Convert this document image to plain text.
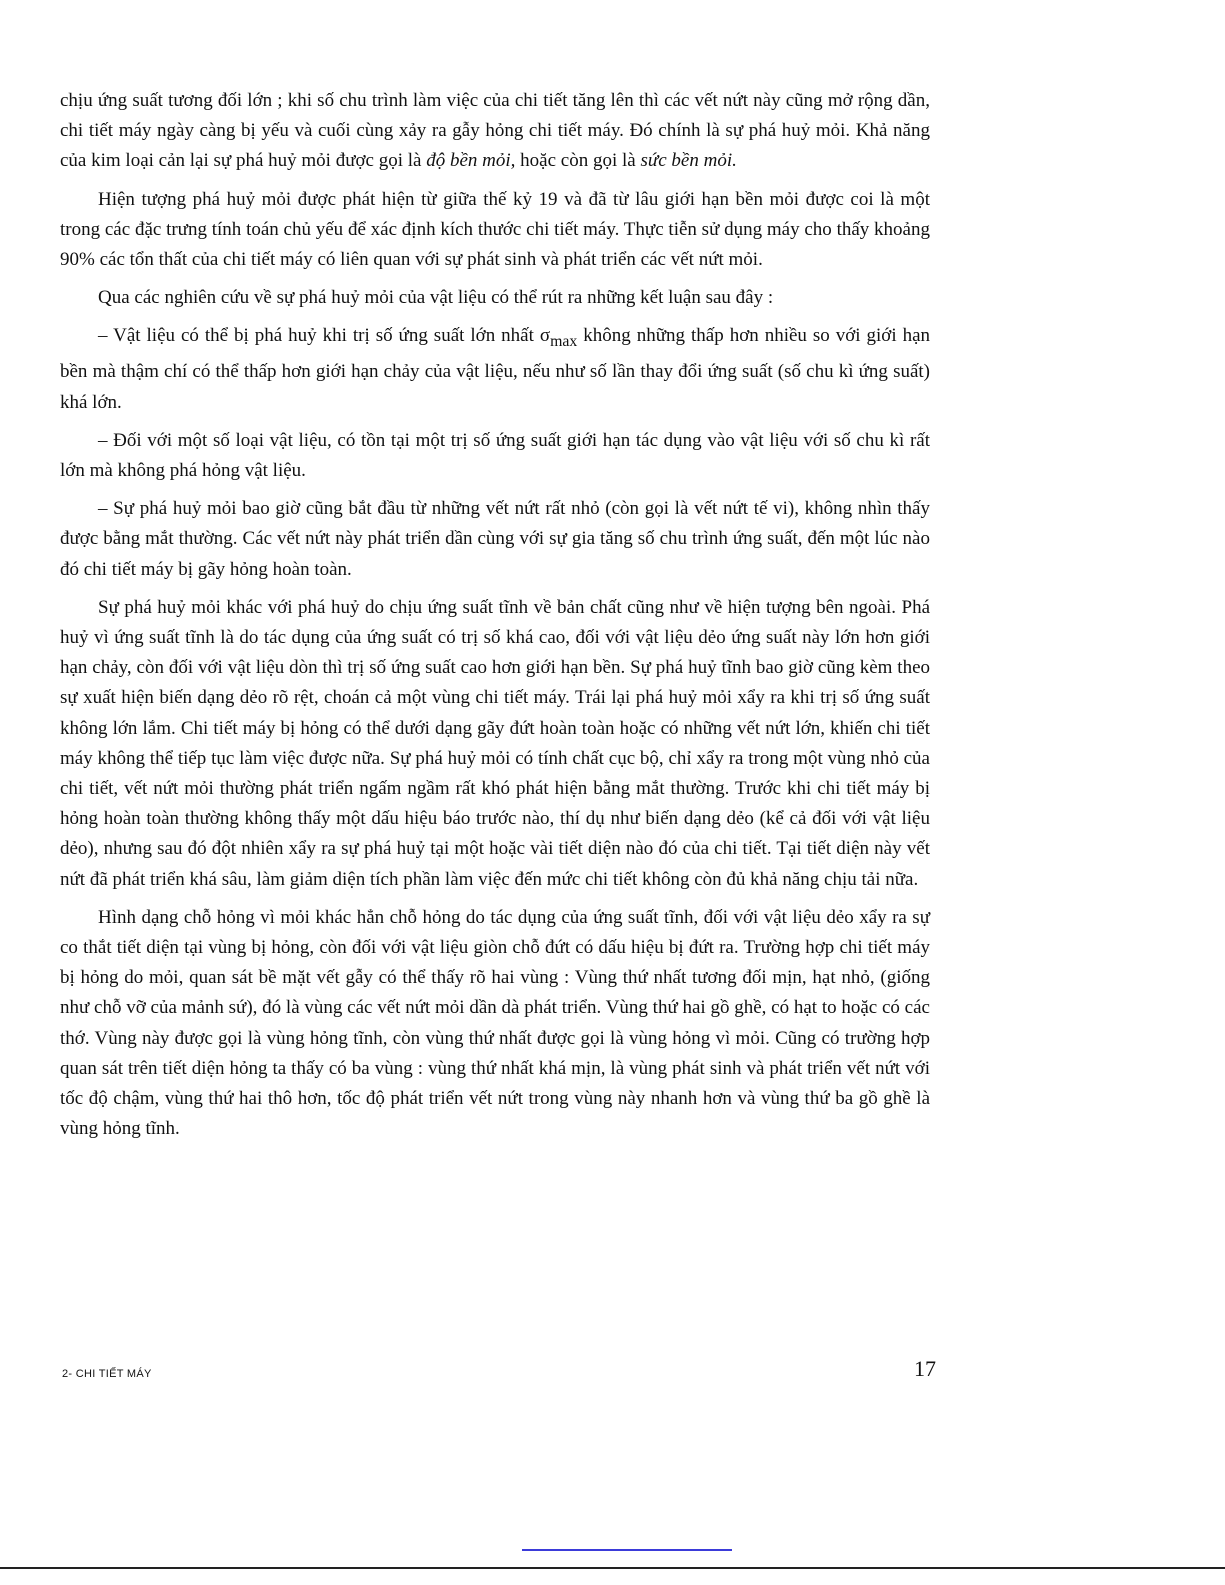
chịu ứng suất tương đối lớn ; khi số chu trình làm việc của chi tiết tăng lên thì các vết nứt này cũng mở rộng dần, chi tiết máy ngày càng bị yếu và cuối cùng xảy ra gẫy hỏng chi tiết máy. Đó chính là sự phá huỷ mỏi. Khả năng của kim loại cản lại sự phá huỷ mỏi được gọi là độ bền mỏi, hoặc còn gọi là sức bền mỏi.

Hiện tượng phá huỷ mỏi được phát hiện từ giữa thế kỷ 19 và đã từ lâu giới hạn bền mỏi được coi là một trong các đặc trưng tính toán chủ yếu để xác định kích thước chi tiết máy. Thực tiễn sử dụng máy cho thấy khoảng 90% các tổn thất của chi tiết máy có liên quan với sự phát sinh và phát triển các vết nứt mỏi.

Qua các nghiên cứu về sự phá huỷ mỏi của vật liệu có thể rút ra những kết luận sau đây :

– Vật liệu có thể bị phá huỷ khi trị số ứng suất lớn nhất $\sigma_{max}$ không những thấp hơn nhiều so với giới hạn bền mà thậm chí có thể thấp hơn giới hạn chảy của vật liệu, nếu như số lần thay đổi ứng suất (số chu kì ứng suất) khá lớn.

– Đối với một số loại vật liệu, có tồn tại một trị số ứng suất giới hạn tác dụng vào vật liệu với số chu kì rất lớn mà không phá hỏng vật liệu.

– Sự phá huỷ mỏi bao giờ cũng bắt đầu từ những vết nứt rất nhỏ (còn gọi là vết nứt tế vi), không nhìn thấy được bằng mắt thường. Các vết nứt này phát triển dần cùng với sự gia tăng số chu trình ứng suất, đến một lúc nào đó chi tiết máy bị gãy hỏng hoàn toàn.

Sự phá huỷ mỏi khác với phá huỷ do chịu ứng suất tĩnh về bản chất cũng như về hiện tượng bên ngoài. Phá huỷ vì ứng suất tĩnh là do tác dụng của ứng suất có trị số khá cao, đối với vật liệu dẻo ứng suất này lớn hơn giới hạn chảy, còn đối với vật liệu dòn thì trị số ứng suất cao hơn giới hạn bền. Sự phá huỷ tĩnh bao giờ cũng kèm theo sự xuất hiện biến dạng dẻo rõ rệt, choán cả một vùng chi tiết máy. Trái lại phá huỷ mỏi xẩy ra khi trị số ứng suất không lớn lắm. Chi tiết máy bị hỏng có thể dưới dạng gãy đứt hoàn toàn hoặc có những vết nứt lớn, khiến chi tiết máy không thể tiếp tục làm việc được nữa. Sự phá huỷ mỏi có tính chất cục bộ, chỉ xẩy ra trong một vùng nhỏ của chi tiết, vết nứt mỏi thường phát triển ngấm ngầm rất khó phát hiện bằng mắt thường. Trước khi chi tiết máy bị hỏng hoàn toàn thường không thấy một dấu hiệu báo trước nào, thí dụ như biến dạng dẻo (kể cả đối với vật liệu dẻo), nhưng sau đó đột nhiên xẩy ra sự phá huỷ tại một hoặc vài tiết diện nào đó của chi tiết. Tại tiết diện này vết nứt đã phát triển khá sâu, làm giảm diện tích phần làm việc đến mức chi tiết không còn đủ khả năng chịu tải nữa.

Hình dạng chỗ hỏng vì mỏi khác hẳn chỗ hỏng do tác dụng của ứng suất tĩnh, đối với vật liệu dẻo xẩy ra sự co thắt tiết diện tại vùng bị hỏng, còn đối với vật liệu giòn chỗ đứt có dấu hiệu bị đứt ra. Trường hợp chi tiết máy bị hỏng do mỏi, quan sát bề mặt vết gẫy có thể thấy rõ hai vùng : Vùng thứ nhất tương đối mịn, hạt nhỏ, (giống như chỗ vỡ của mảnh sứ), đó là vùng các vết nứt mỏi dần dà phát triển. Vùng thứ hai gồ ghề, có hạt to hoặc có các thớ. Vùng này được gọi là vùng hỏng tĩnh, còn vùng thứ nhất được gọi là vùng hỏng vì mỏi. Cũng có trường hợp quan sát trên tiết diện hỏng ta thấy có ba vùng : vùng thứ nhất khá mịn, là vùng phát sinh và phát triển vết nứt với tốc độ chậm, vùng thứ hai thô hơn, tốc độ phát triển vết nứt trong vùng này nhanh hơn và vùng thứ ba gồ ghề là vùng hỏng tĩnh.

2- CHI TIẾT MÁY	17
